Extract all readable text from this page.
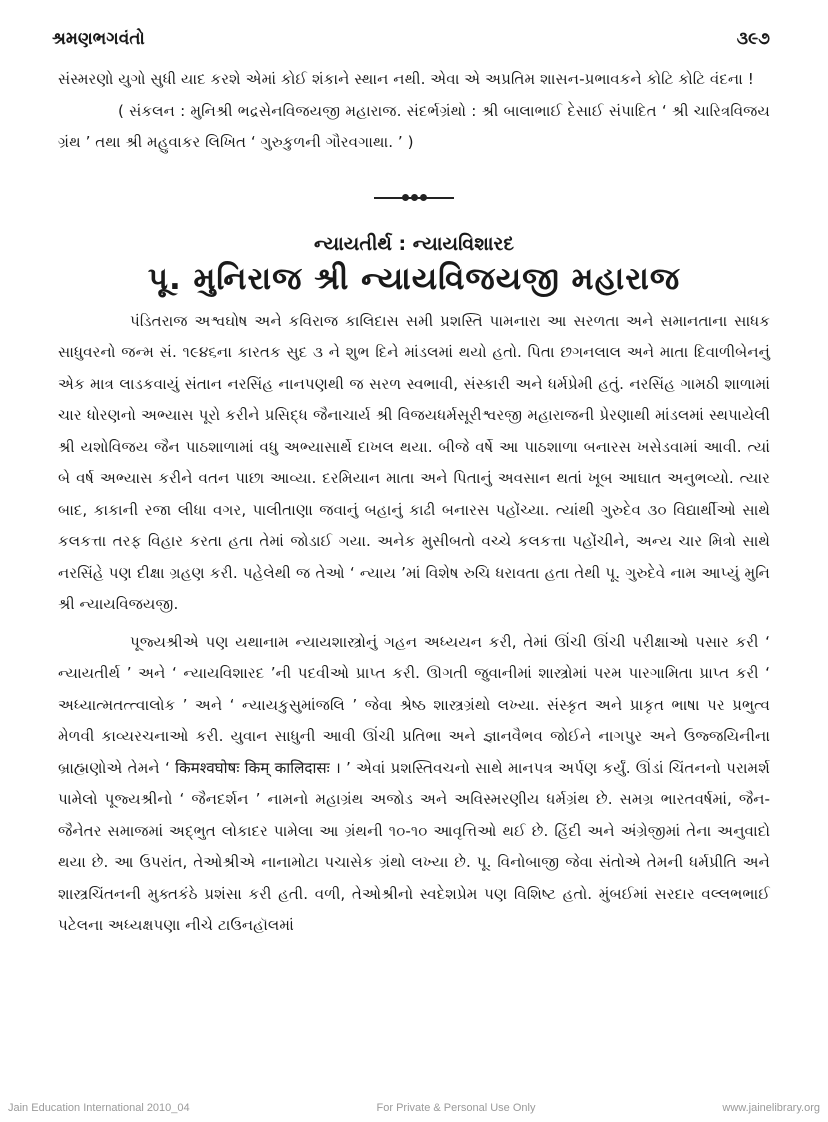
શ્રમણભગવંતો	૩૯૭

સંસ્મરણો યુગો સુધી યાદ કરશે એમાં કોઈ શંકાને સ્થાન નથી. એવા એ અપ્રતિમ શાસન-પ્રભાવકને કોટિ કોટિ વંદના !

( સંકલન : મુનિશ્રી ભદ્રસેનવિજયજી મહારાજ. સંદર્ભગ્રંથો : શ્રી બાલાભાઈ દેસાઈ સંપાદિત ‘ શ્રી ચારિત્રવિજય ગ્રંથ ’ તથા શ્રી મહુવાકર લિખિત ‘ ગુરુકુળની ગૌરવગાથા. ’ )

ન્યાયતીર્થ : ન્યાયવિશારદ
પૂ. મુનિરાજ શ્રી ન્યાયવિજયજી મહારાજ

પંડિતરાજ અશ્વઘોષ અને કવિરાજ કાલિદાસ સમી પ્રશસ્તિ પામનારા આ સરળતા અને સમાનતાના સાધક સાધુવરનો જન્મ સં. ૧૯૪૬ના કારતક સુદ ૩ ને શુભ દિને માંડલમાં થયો હતો. પિતા છગનલાલ અને માતા દિવાળીબેનનું એક માત્ર લાડકવાયું સંતાન નરસિંહ નાનપણથી જ સરળ સ્વભાવી, સંસ્કારી અને ધર્મપ્રેમી હતું. નરસિંહ ગામઠી શાળામાં ચાર ધોરણનો અભ્યાસ પૂરો કરીને પ્રસિદ્ધ જૈનાચાર્ય શ્રી વિજયધર્મસૂરીશ્વરજી મહારાજની પ્રેરણાથી માંડલમાં સ્થપાયેલી શ્રી યશોવિજય જૈન પાઠશાળામાં વધુ અભ્યાસાર્થે દાખલ થયા. બીજે વર્ષે આ પાઠશાળા બનારસ ખસેડવામાં આવી. ત્યાં બે વર્ષ અભ્યાસ કરીને વતન પાછા આવ્યા. દરમિયાન માતા અને પિતાનું અવસાન થતાં ખૂબ આઘાત અનુભવ્યો. ત્યાર બાદ, કાકાની રજા લીધા વગર, પાલીતાણા જવાનું બહાનું કાઢી બનારસ પહોંચ્યા. ત્યાંથી ગુરુદેવ ૩૦ વિદ્યાર્થીઓ સાથે કલકત્તા તરફ વિહાર કરતા હતા તેમાં જોડાઈ ગયા. અનેક મુસીબતો વચ્ચે કલકત્તા પહોંચીને, અન્ય ચાર મિત્રો સાથે નરસિંહે પણ દીક્ષા ગ્રહણ કરી. પહેલેથી જ તેઓ ‘ ન્યાય ’માં વિશેષ રુચિ ધરાવતા હતા તેથી પૂ. ગુરુદેવે નામ આપ્યું મુનિ શ્રી ન્યાયવિજયજી.

પૂજ્યશ્રીએ પણ યથાનામ ન્યાયશાસ્ત્રોનું ગહન અધ્યયન કરી, તેમાં ઊંચી ઊંચી પરીક્ષાઓ પસાર કરી ‘ ન્યાયતીર્થ ’ અને ‘ ન્યાયવિશારદ ’ની પદવીઓ પ્રાપ્ત કરી. ઊગતી જુવાનીમાં શાસ્ત્રોમાં પરમ પારગામિતા પ્રાપ્ત કરી ‘ અધ્યાત્મતત્ત્વાલોક ’ અને ‘ ન્યાયકુસુમાંજલિ ’ જેવા શ્રેષ્ઠ શાસ્ત્રગ્રંથો લખ્યા. સંસ્કૃત અને પ્રાકૃત ભાષા પર પ્રભુત્વ મેળવી કાવ્યરચનાઓ કરી. યુવાન સાધુની આવી ઊંચી પ્રતિભા અને જ્ઞાનવૈભવ જોઈને નાગપુર અને ઉજ્જયિનીના બ્રાહ્મણોએ તેમને ‘ किमश्वघोषः किम् कालिदासः । ’ એવાં પ્રશસ્તિવચનો સાથે માનપત્ર અર્પણ કર્યું. ઊંડાં ચિંતનનો પરામર્શ પામેલો પૂજ્યશ્રીનો ‘ જૈનદર્શન ’ નામનો મહાગ્રંથ અજોડ અને અવિસ્મરણીય ધર્મગ્રંથ છે. સમગ્ર ભારતવર્ષમાં, જૈન-જૈનેતર સમાજમાં અદ્ભુત લોકાદર પામેલા આ ગ્રંથની ૧૦-૧૦ આવૃત્તિઓ થઈ છે. હિંદી અને અંગ્રેજીમાં તેના અનુવાદો થયા છે. આ ઉપરાંત, તેઓશ્રીએ નાનામોટા પચાસેક ગ્રંથો લખ્યા છે. પૂ. વિનોબાજી જેવા સંતોએ તેમની ધર્મપ્રીતિ અને શાસ્ત્રચિંતનની મુક્તકંઠે પ્રશંસા કરી હતી. વળી, તેઓશ્રીનો સ્વદેશપ્રેમ પણ વિશિષ્ટ હતો. મુંબઈમાં સરદાર વલ્લભભાઈ પટેલના અધ્યક્ષપણા નીચે ટાઉનહૉલમાં

Jain Education International 2010_04	For Private & Personal Use Only	www.jainelibrary.org
